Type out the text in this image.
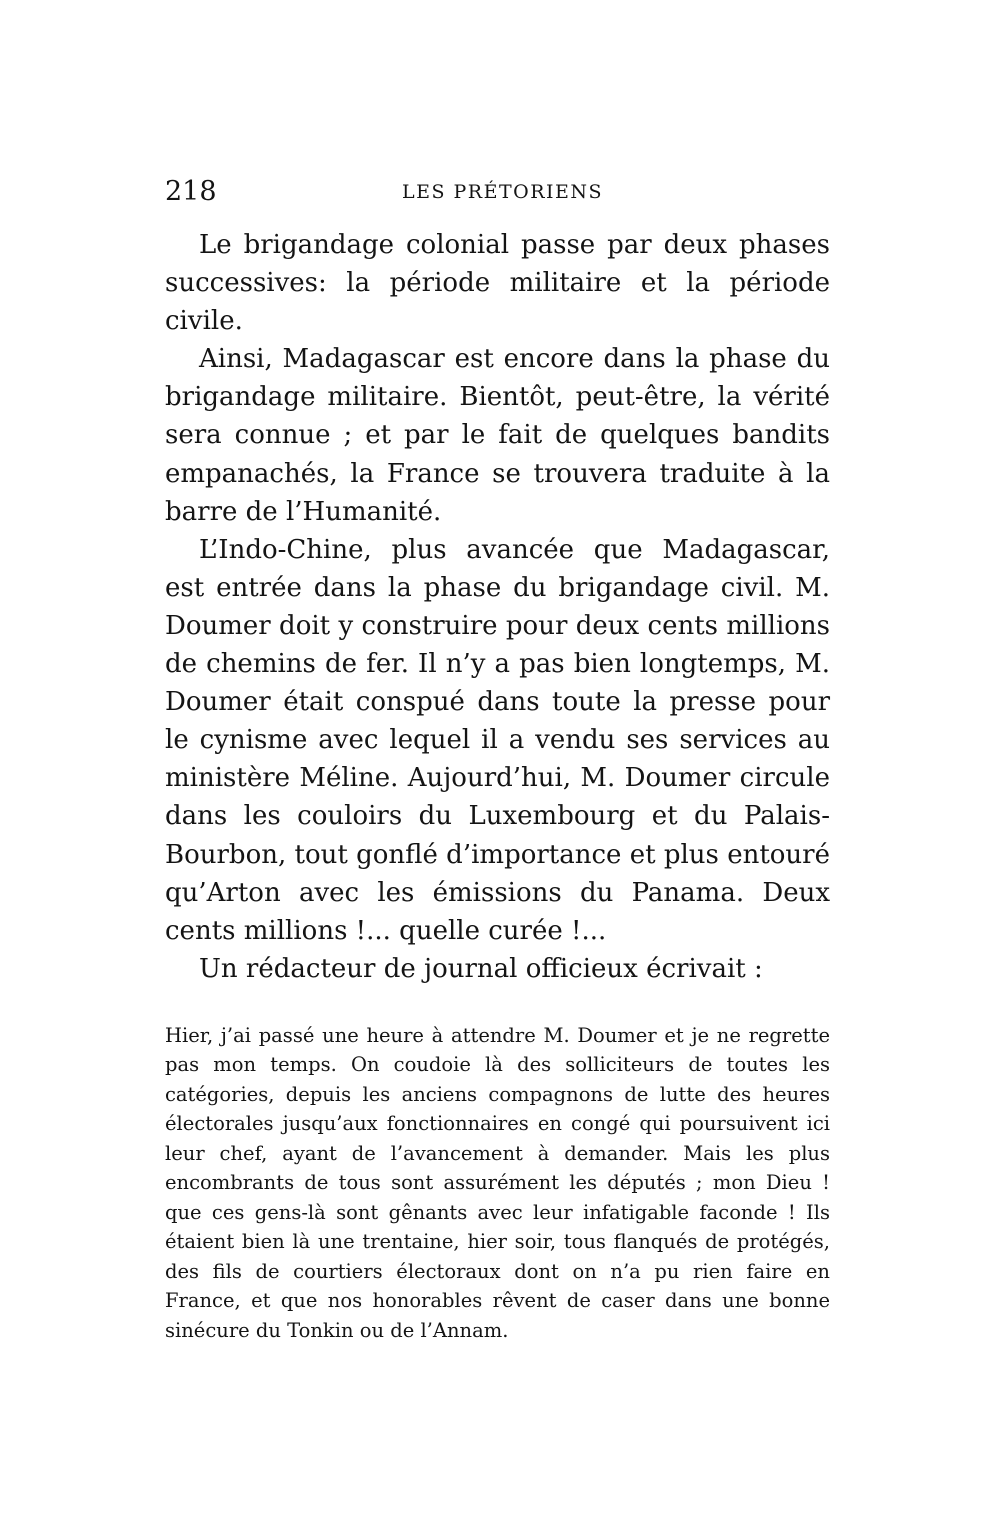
218	LES PRÉTORIENS

Le brigandage colonial passe par deux phases successives: la période militaire et la période civile.

Ainsi, Madagascar est encore dans la phase du brigandage militaire. Bientôt, peut-être, la vérité sera connue ; et par le fait de quelques bandits empanachés, la France se trouvera traduite à la barre de l’Humanité.

L’Indo-Chine, plus avancée que Madagascar, est entrée dans la phase du brigandage civil. M. Doumer doit y construire pour deux cents millions de chemins de fer. Il n’y a pas bien longtemps, M. Doumer était conspué dans toute la presse pour le cynisme avec lequel il a vendu ses services au ministère Méline. Aujourd’hui, M. Doumer circule dans les couloirs du Luxembourg et du Palais-Bourbon, tout gonflé d’importance et plus entouré qu’Arton avec les émissions du Panama. Deux cents millions !... quelle curée !...

Un rédacteur de journal officieux écrivait :

Hier, j’ai passé une heure à attendre M. Doumer et je ne regrette pas mon temps. On coudoie là des solliciteurs de toutes les catégories, depuis les anciens compagnons de lutte des heures électorales jusqu’aux fonctionnaires en congé qui poursuivent ici leur chef, ayant de l’avancement à demander. Mais les plus encombrants de tous sont assurément les députés ; mon Dieu ! que ces gens-là sont gênants avec leur infatigable faconde ! Ils étaient bien là une trentaine, hier soir, tous flanqués de protégés, des fils de courtiers électoraux dont on n’a pu rien faire en France, et que nos honorables rêvent de caser dans une bonne sinécure du Tonkin ou de l’Annam.
